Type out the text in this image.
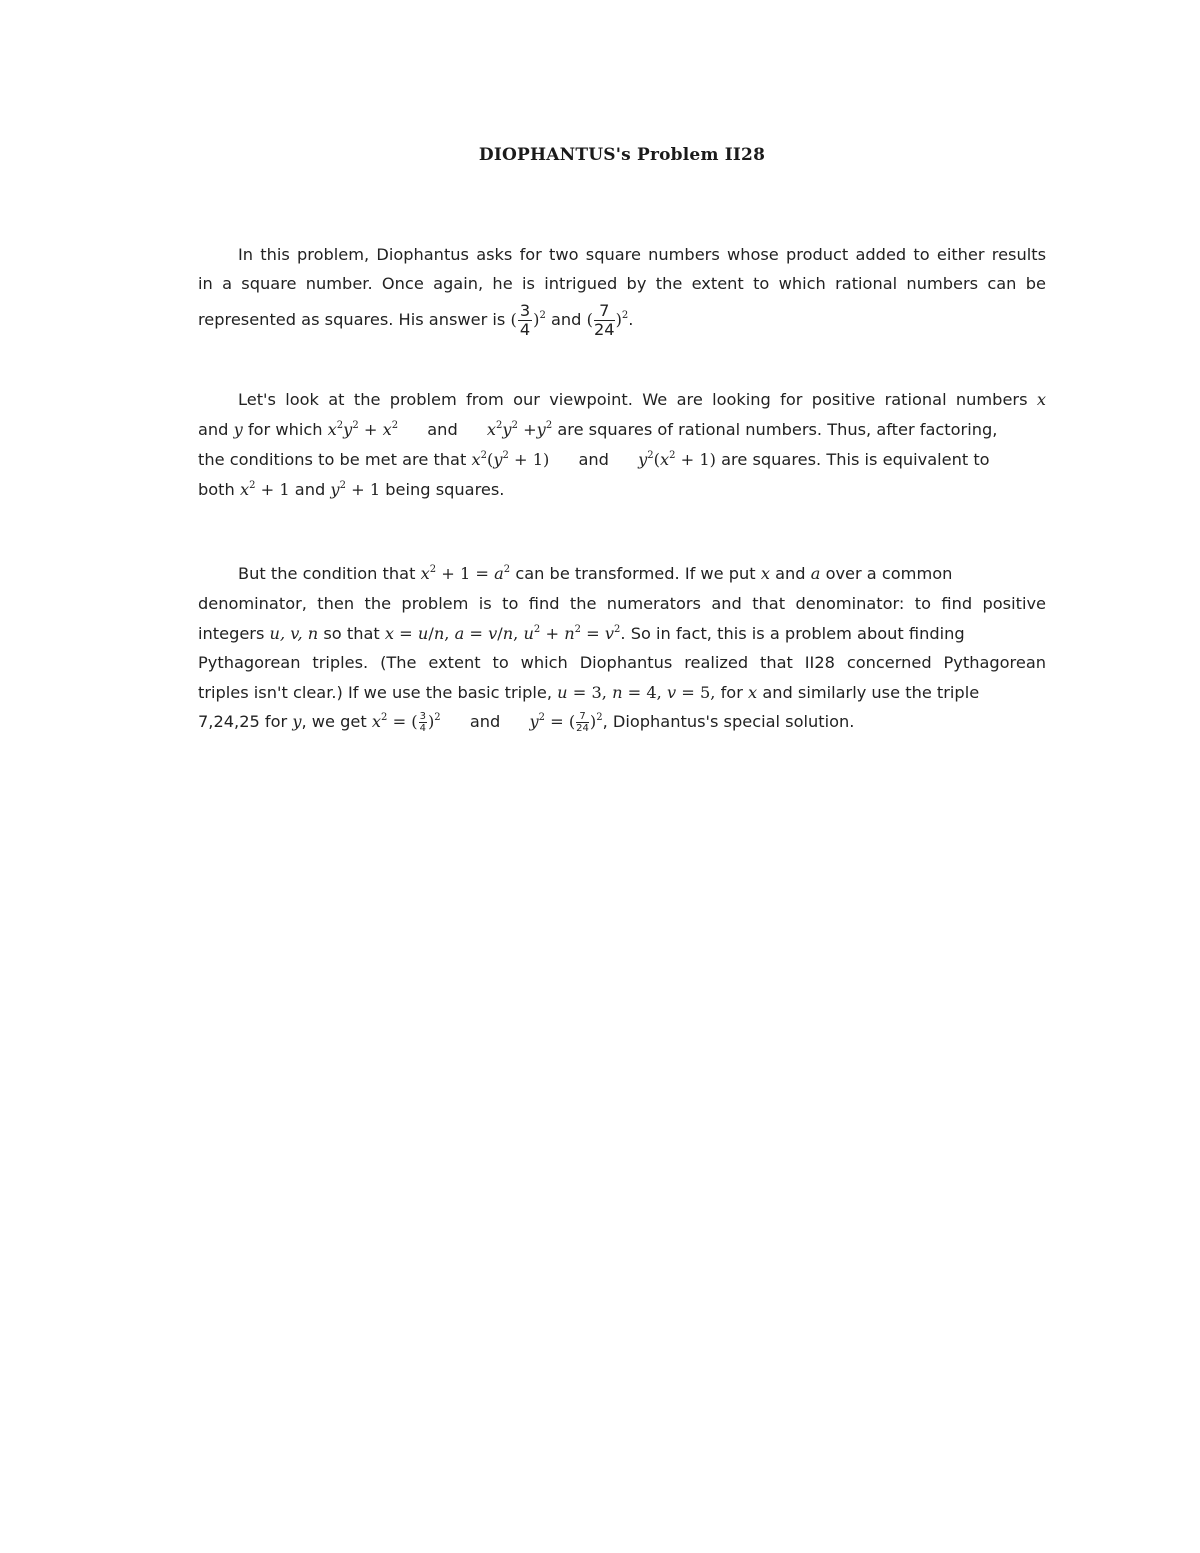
DIOPHANTUS's Problem II28
In this problem, Diophantus asks for two square numbers whose product added to either results
in a square number. Once again, he is intrigued by the extent to which rational numbers can be
represented as squares. His answer is ( $\frac{3}{4} )^2$ and ( $\frac{7}{24} )^2$.
Let's look at the problem from our viewpoint. We are looking for positive rational numbers x
and y for which $x^2y^2 + x^2$ and $x^2y^2 +y^2$ are squares of rational numbers. Thus, after factoring,
the conditions to be met are that $x^2(y^2 + 1)$ and $y^2(x^2 + 1)$ are squares. This is equivalent to
both $x^2 + 1$ and $y^2 + 1$ being squares.
But the condition that $x^2 + 1 = a^2$ can be transformed. If we put x and a over a common
denominator, then the problem is to find the numerators and that denominator: to find positive
integers u, v, n so that x = u/n, a = v/n, $u^2 + n^2 = v^2$. So in fact, this is a problem about finding
Pythagorean triples. (The extent to which Diophantus realized that II28 concerned Pythagorean
triples isn't clear.) If we use the basic triple, u = 3, n = 4, v = 5, for x and similarly use the triple
7,24,25 for y, we get $x^2$ = ( $\frac{3}{4} )^2$ and $y^2$ = ( $\frac{7}{24} )^2$, Diophantus's special solution.
